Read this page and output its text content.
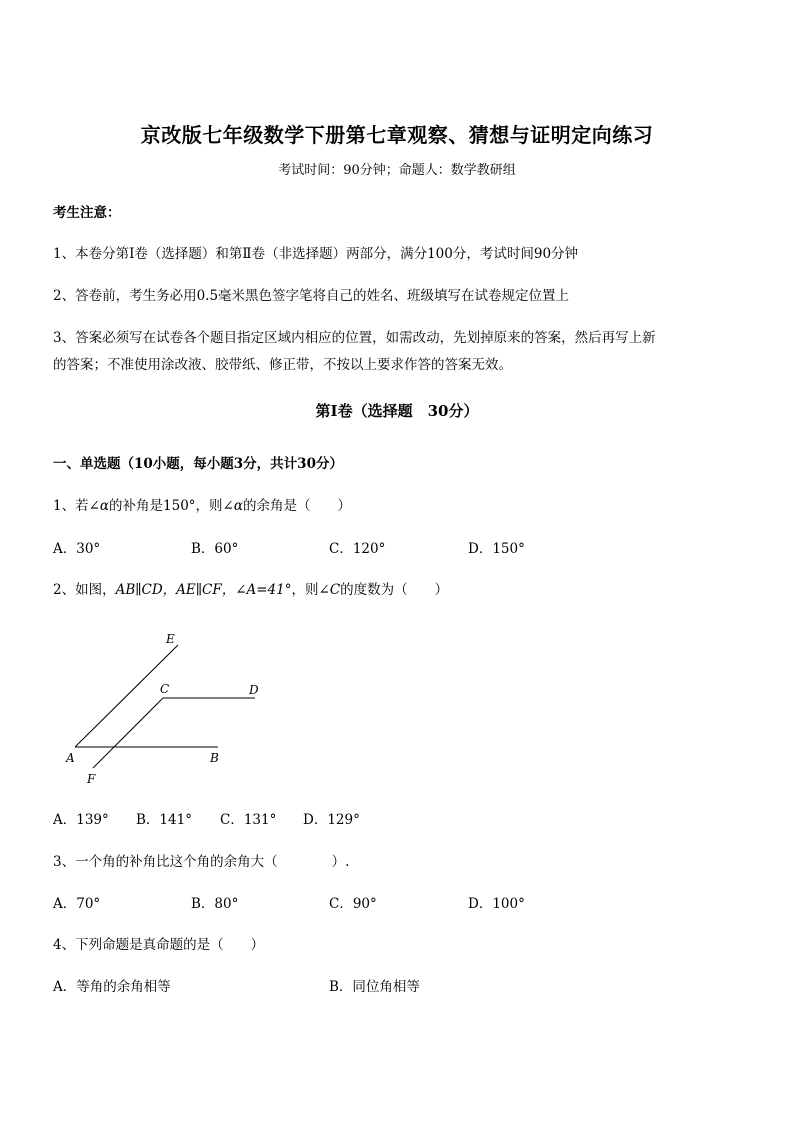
京改版七年级数学下册第七章观察、猜想与证明定向练习
考试时间：90分钟；命题人：数学教研组
考生注意：
1、本卷分第Ⅰ卷（选择题）和第Ⅱ卷（非选择题）两部分，满分100分，考试时间90分钟
2、答卷前，考生务必用0.5毫米黑色签字笔将自己的姓名、班级填写在试卷规定位置上
3、答案必须写在试卷各个题目指定区域内相应的位置，如需改动，先划掉原来的答案，然后再写上新
的答案；不准使用涂改液、胶带纸、修正带，不按以上要求作答的答案无效。
第Ⅰ卷（选择题　30分）
一、单选题（10小题，每小题3分，共计30分）
1、若∠α的补角是150°，则∠α的余角是（　　）
A．30°	B．60°	C．120°	D．150°
2、如图，AB∥CD，AE∥CF，∠A=41°，则∠C的度数为（　　）
E
C	D
A	B
F
A．139° B．141° C．131° D．129°
3、一个角的补角比这个角的余角大（　　　　）.
A．70°	B．80°	C．90°	D．100°
4、下列命题是真命题的是（　　）
A．等角的余角相等	B．同位角相等
